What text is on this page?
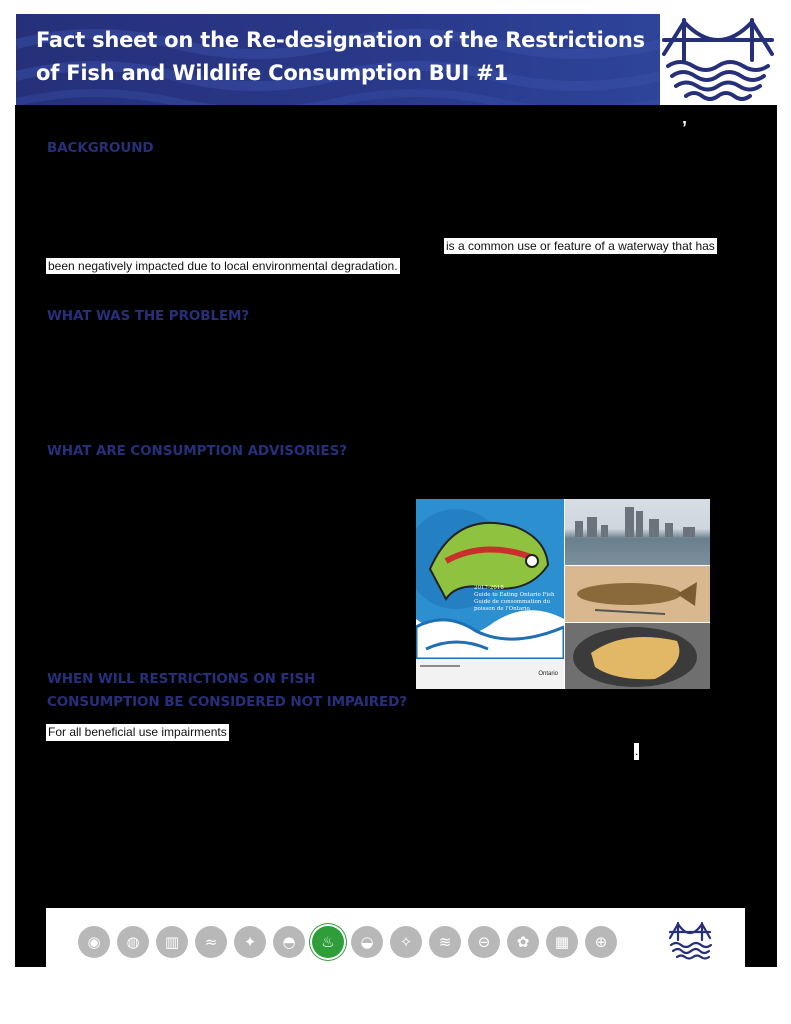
Fact sheet on the Re-designation of the Restrictions
of Fish and Wildlife Consumption BUI #1
’
BACKGROUND
is a common use or feature of a waterway that has
been negatively impacted due to local environmental degradation.
WHAT WAS THE PROBLEM?
WHAT ARE CONSUMPTION ADVISORIES?
2017-2018
Guide to Eating Ontario Fish
Guide de consommation du poisson de l'Ontario
Ontario
WHEN WILL RESTRICTIONS ON FISH
CONSUMPTION BE CONSIDERED NOT IMPAIRED?
For all beneficial use impairments
.
◉	◍	▥	≈	✦	◓	♨	◒	✧	≋	⊖	✿	▦	⊕
